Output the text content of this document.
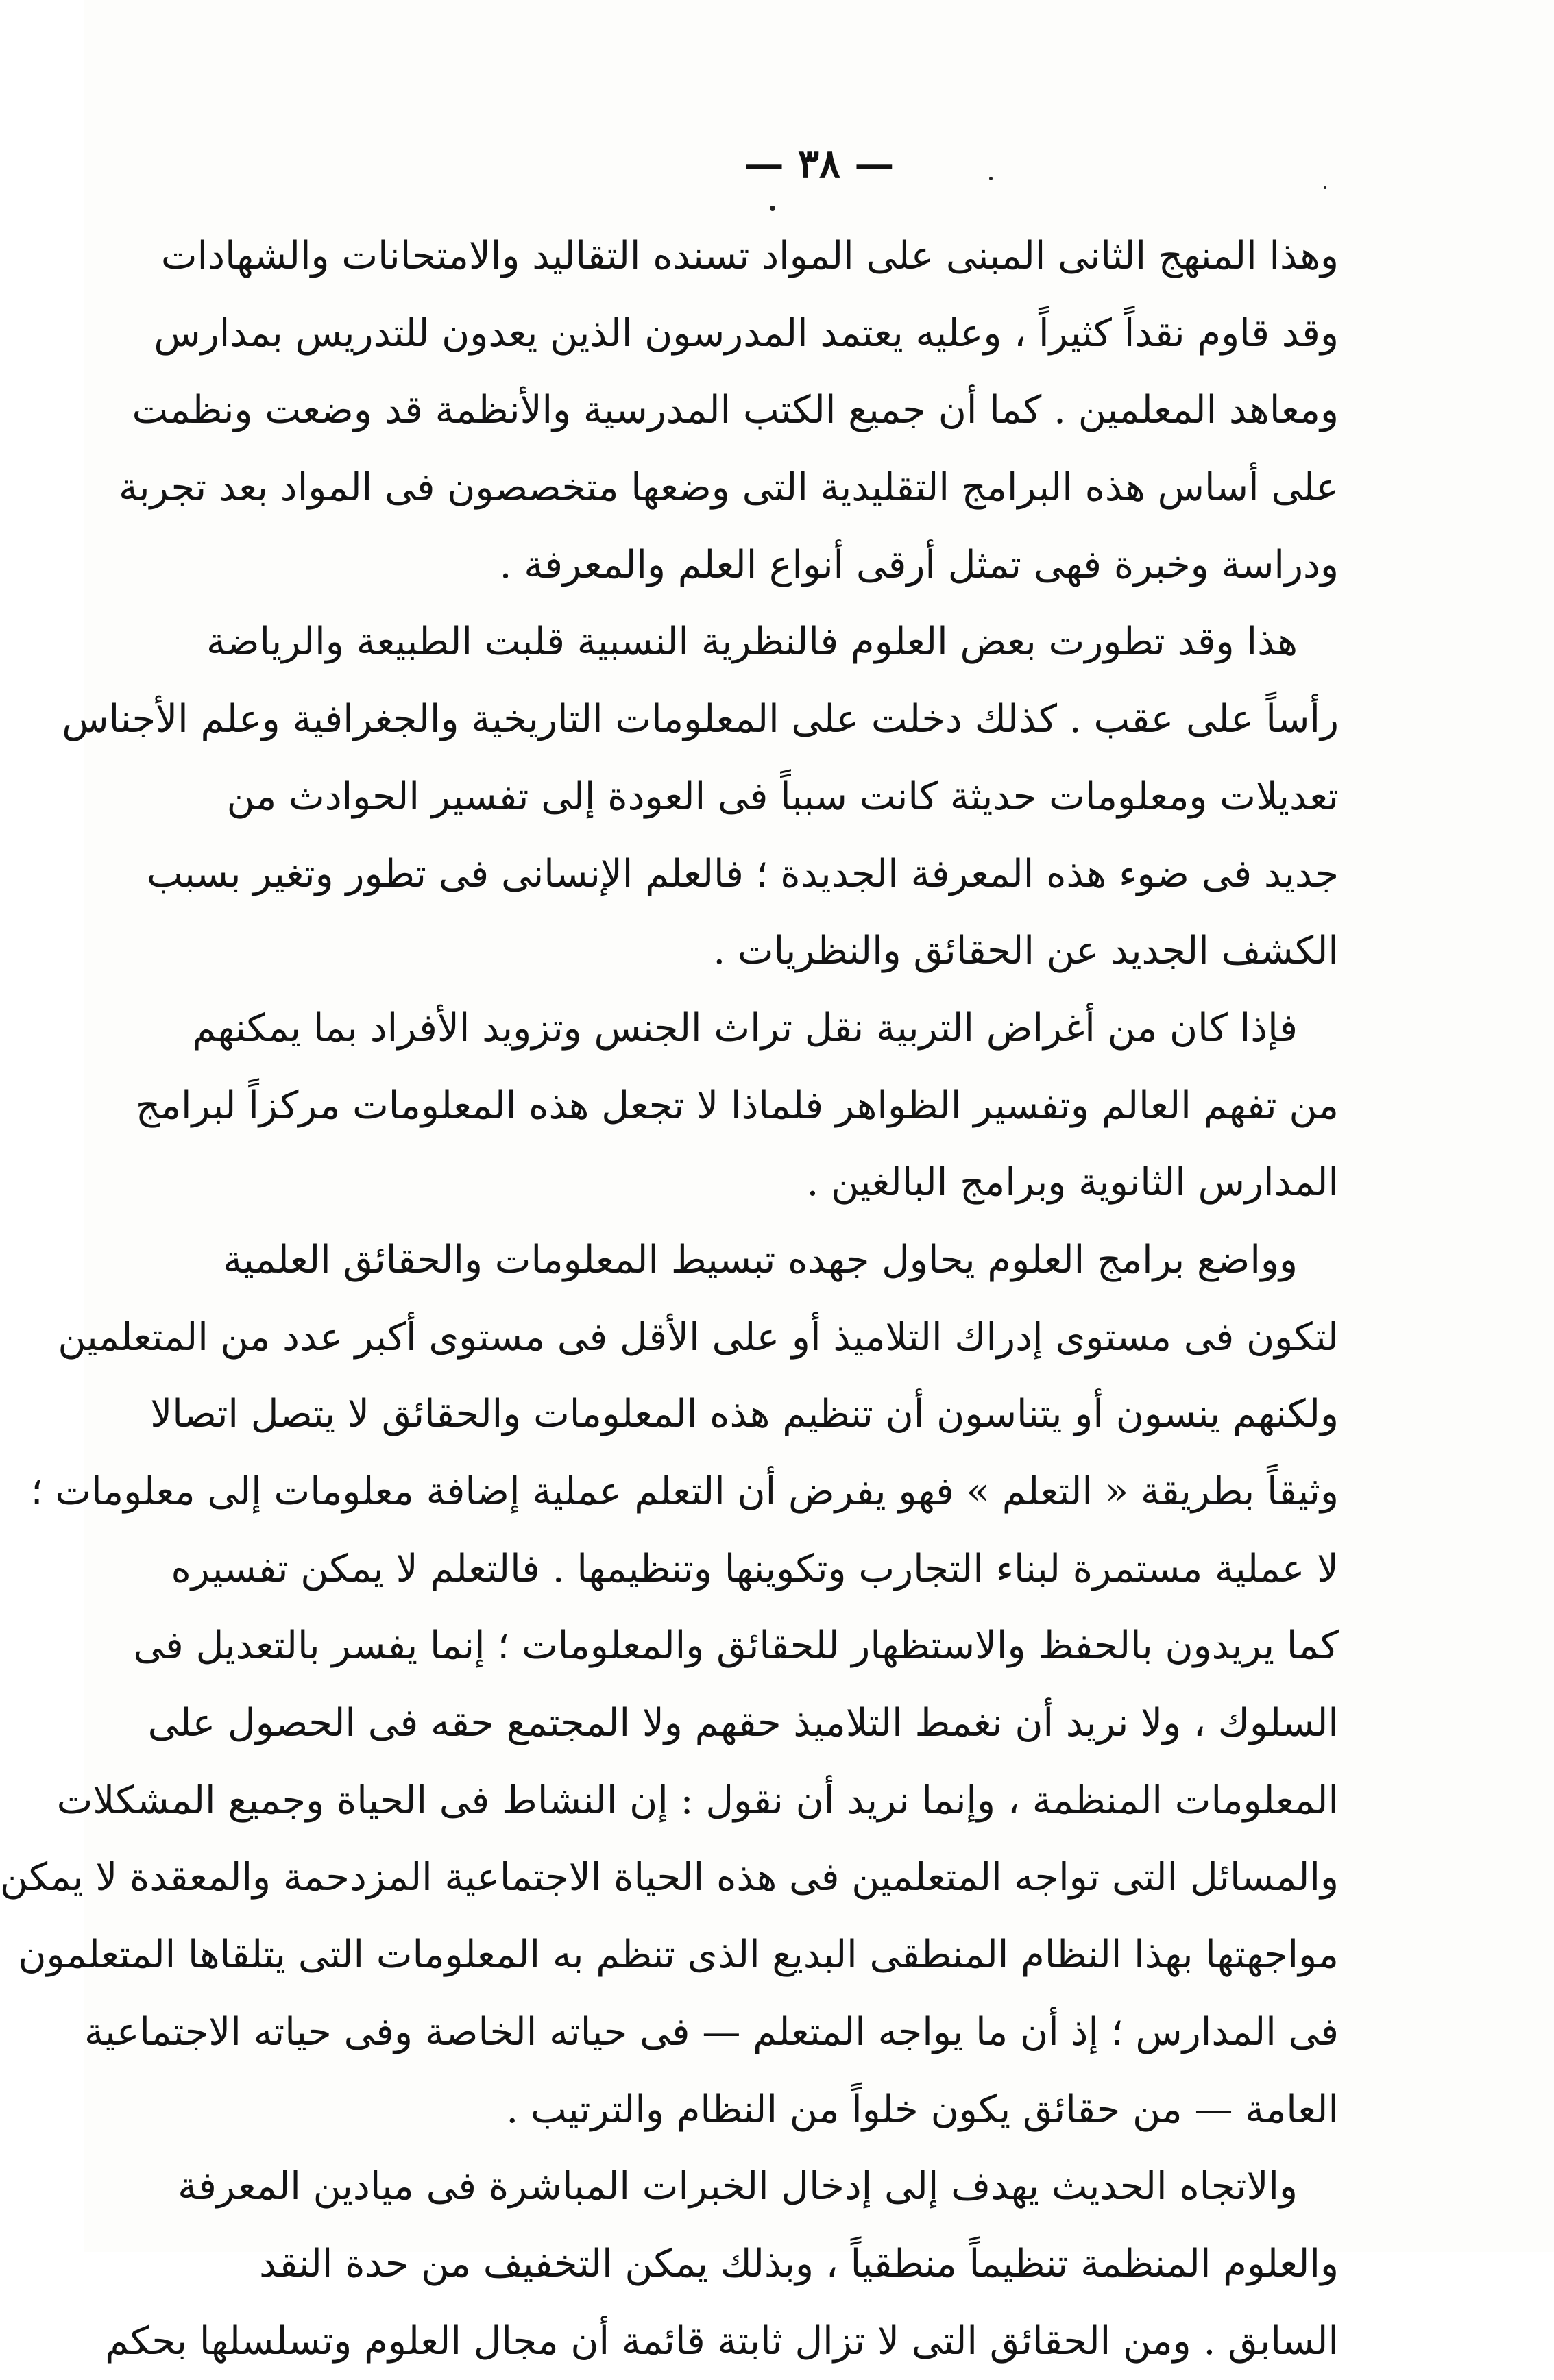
— ٣٨ —
وهذا المنهج الثانى المبنى على المواد تسنده التقاليد والامتحانات والشهادات
وقد قاوم نقداً كثيراً ، وعليه يعتمد المدرسون الذين يعدون للتدريس بمدارس
ومعاهد المعلمين . كما أن جميع الكتب المدرسية والأنظمة قد وضعت ونظمت
على أساس هذه البرامج التقليدية التى وضعها متخصصون فى المواد بعد تجربة
ودراسة وخبرة فهى تمثل أرقى أنواع العلم والمعرفة .
هذا وقد تطورت بعض العلوم فالنظرية النسبية قلبت الطبيعة والرياضة
رأساً على عقب . كذلك دخلت على المعلومات التاريخية والجغرافية وعلم الأجناس
تعديلات ومعلومات حديثة كانت سبباً فى العودة إلى تفسير الحوادث من
جديد فى ضوء هذه المعرفة الجديدة ؛ فالعلم الإنسانى فى تطور وتغير بسبب
الكشف الجديد عن الحقائق والنظريات .
فإذا كان من أغراض التربية نقل تراث الجنس وتزويد الأفراد بما يمكنهم
من تفهم العالم وتفسير الظواهر فلماذا لا تجعل هذه المعلومات مركزاً لبرامج
المدارس الثانوية وبرامج البالغين .
وواضع برامج العلوم يحاول جهده تبسيط المعلومات والحقائق العلمية
لتكون فى مستوى إدراك التلاميذ أو على الأقل فى مستوى أكبر عدد من المتعلمين
ولكنهم ينسون أو يتناسون أن تنظيم هذه المعلومات والحقائق لا يتصل اتصالا
وثيقاً بطريقة « التعلم » فهو يفرض أن التعلم عملية إضافة معلومات إلى معلومات ؛
لا عملية مستمرة لبناء التجارب وتكوينها وتنظيمها . فالتعلم لا يمكن تفسيره
كما يريدون بالحفظ والاستظهار للحقائق والمعلومات ؛ إنما يفسر بالتعديل فى
السلوك ، ولا نريد أن نغمط التلاميذ حقهم ولا المجتمع حقه فى الحصول على
المعلومات المنظمة ، وإنما نريد أن نقول : إن النشاط فى الحياة وجميع المشكلات
والمسائل التى تواجه المتعلمين فى هذه الحياة الاجتماعية المزدحمة والمعقدة لا يمكن
مواجهتها بهذا النظام المنطقى البديع الذى تنظم به المعلومات التى يتلقاها المتعلمون
فى المدارس ؛ إذ أن ما يواجه المتعلم — فى حياته الخاصة وفى حياته الاجتماعية
العامة — من حقائق يكون خلواً من النظام والترتيب .
والاتجاه الحديث يهدف إلى إدخال الخبرات المباشرة فى ميادين المعرفة
والعلوم المنظمة تنظيماً منطقياً ، وبذلك يمكن التخفيف من حدة النقد
السابق . ومن الحقائق التى لا تزال ثابتة قائمة أن مجال العلوم وتسلسلها بحكم
